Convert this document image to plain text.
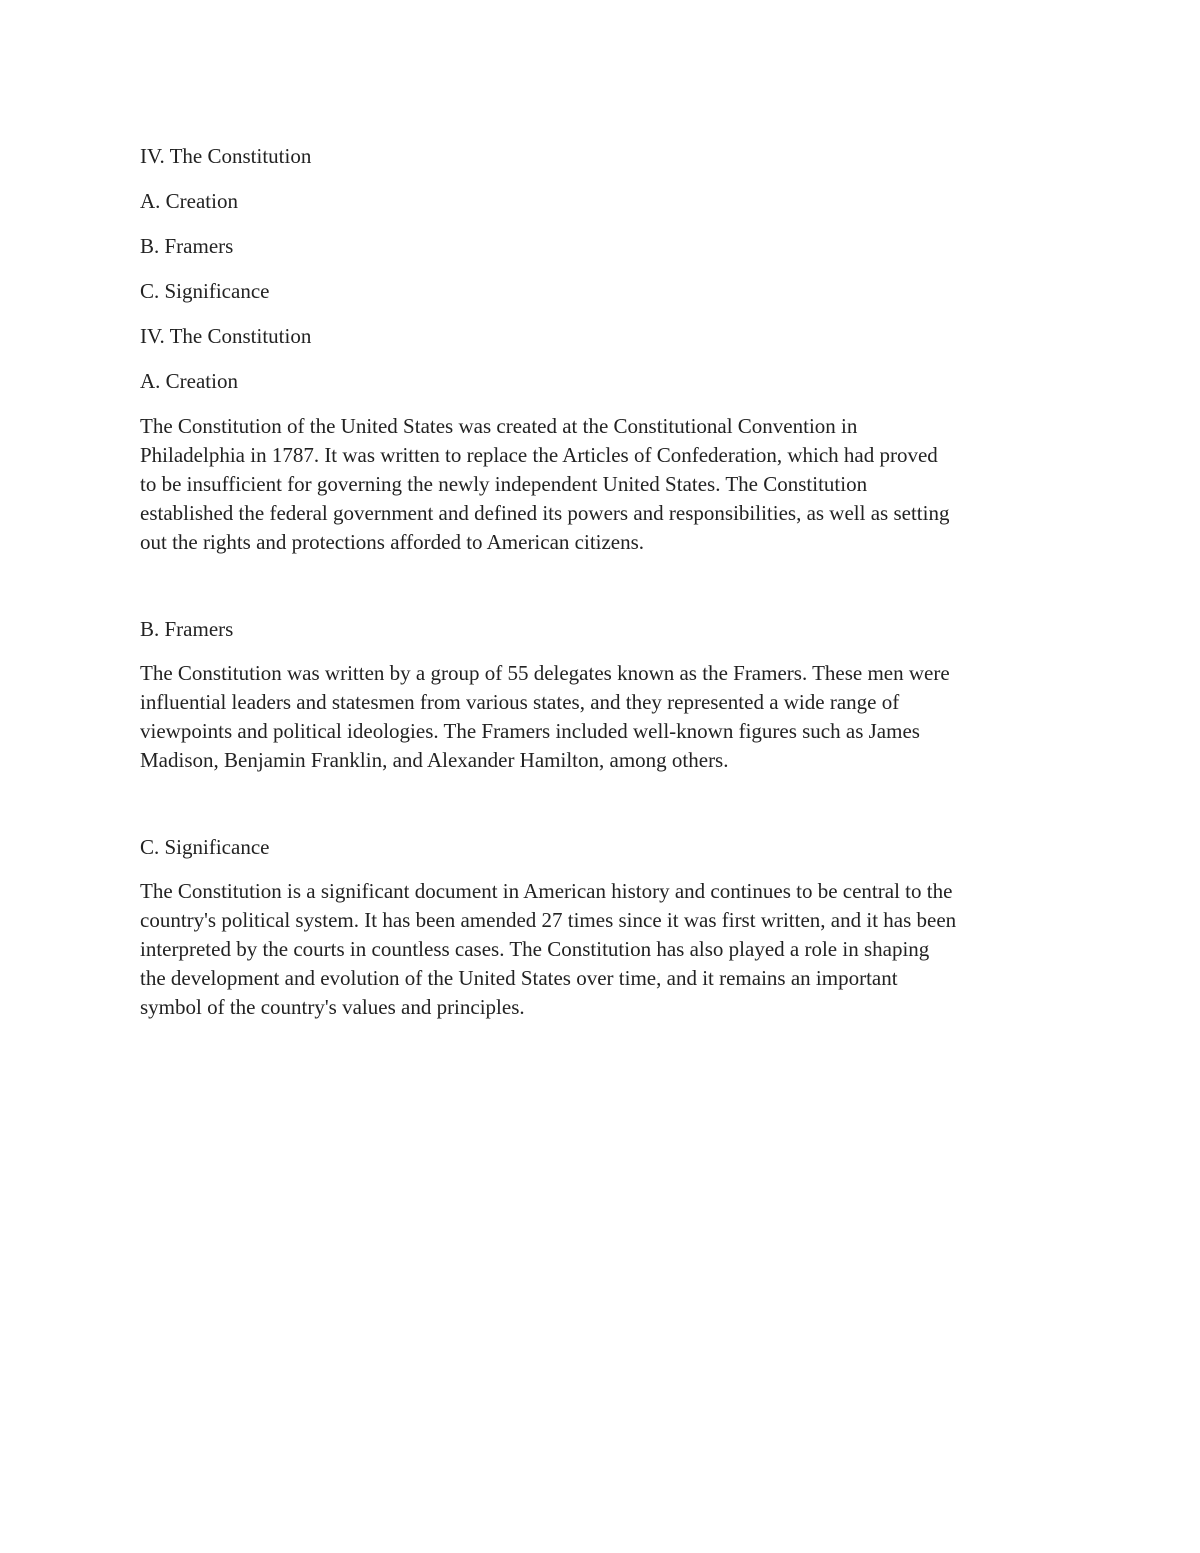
IV. The Constitution

A. Creation

B. Framers

C. Significance

IV. The Constitution

A. Creation

The Constitution of the United States was created at the Constitutional Convention in

Philadelphia in 1787. It was written to replace the Articles of Confederation, which had proved

to be insufficient for governing the newly independent United States. The Constitution

established the federal government and defined its powers and responsibilities, as well as setting

out the rights and protections afforded to American citizens.

B. Framers

The Constitution was written by a group of 55 delegates known as the Framers. These men were

influential leaders and statesmen from various states, and they represented a wide range of

viewpoints and political ideologies. The Framers included well-known figures such as James

Madison, Benjamin Franklin, and Alexander Hamilton, among others.

C. Significance

The Constitution is a significant document in American history and continues to be central to the

country's political system. It has been amended 27 times since it was first written, and it has been

interpreted by the courts in countless cases. The Constitution has also played a role in shaping

the development and evolution of the United States over time, and it remains an important

symbol of the country's values and principles.
